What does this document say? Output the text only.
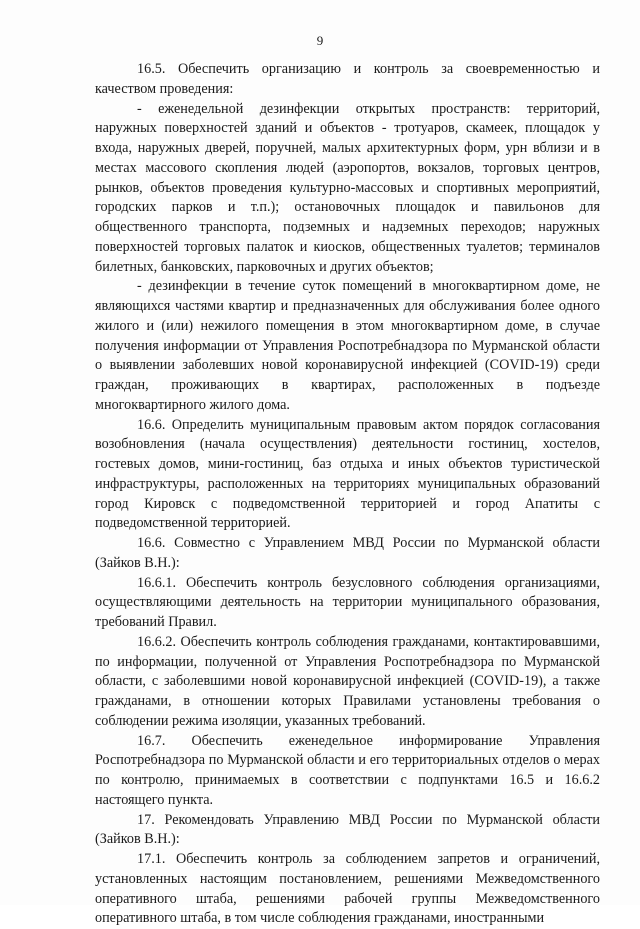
9

16.5. Обеспечить организацию и контроль за своевременностью и качеством проведения:

- еженедельной дезинфекции открытых пространств: территорий, наружных поверхностей зданий и объектов - тротуаров, скамеек, площадок у входа, наружных дверей, поручней, малых архитектурных форм, урн вблизи и в местах массового скопления людей (аэропортов, вокзалов, торговых центров, рынков, объектов проведения культурно-массовых и спортивных мероприятий, городских парков и т.п.); остановочных площадок и павильонов для общественного транспорта, подземных и надземных переходов; наружных поверхностей торговых палаток и киосков, общественных туалетов; терминалов билетных, банковских, парковочных и других объектов;

- дезинфекции в течение суток помещений в многоквартирном доме, не являющихся частями квартир и предназначенных для обслуживания более одного жилого и (или) нежилого помещения в этом многоквартирном доме, в случае получения информации от Управления Роспотребнадзора по Мурманской области о выявлении заболевших новой коронавирусной инфекцией (COVID-19) среди граждан, проживающих в квартирах, расположенных в подъезде многоквартирного жилого дома.

16.6. Определить муниципальным правовым актом порядок согласования возобновления (начала осуществления) деятельности гостиниц, хостелов, гостевых домов, мини-гостиниц, баз отдыха и иных объектов туристической инфраструктуры, расположенных на территориях муниципальных образований город Кировск с подведомственной территорией и город Апатиты с подведомственной территорией.

16.6. Совместно с Управлением МВД России по Мурманской области (Зайков В.Н.):

16.6.1. Обеспечить контроль безусловного соблюдения организациями, осуществляющими деятельность на территории муниципального образования, требований Правил.

16.6.2. Обеспечить контроль соблюдения гражданами, контактировавшими, по информации, полученной от Управления Роспотребнадзора по Мурманской области, с заболевшими новой коронавирусной инфекцией (COVID-19), а также гражданами, в отношении которых Правилами установлены требования о соблюдении режима изоляции, указанных требований.

16.7. Обеспечить еженедельное информирование Управления Роспотребнадзора по Мурманской области и его территориальных отделов о мерах по контролю, принимаемых в соответствии с подпунктами 16.5 и 16.6.2 настоящего пункта.

17. Рекомендовать Управлению МВД России по Мурманской области (Зайков В.Н.):

17.1. Обеспечить контроль за соблюдением запретов и ограничений, установленных настоящим постановлением, решениями Межведомственного оперативного штаба, решениями рабочей группы Межведомственного оперативного штаба, в том числе соблюдения гражданами, иностранными
